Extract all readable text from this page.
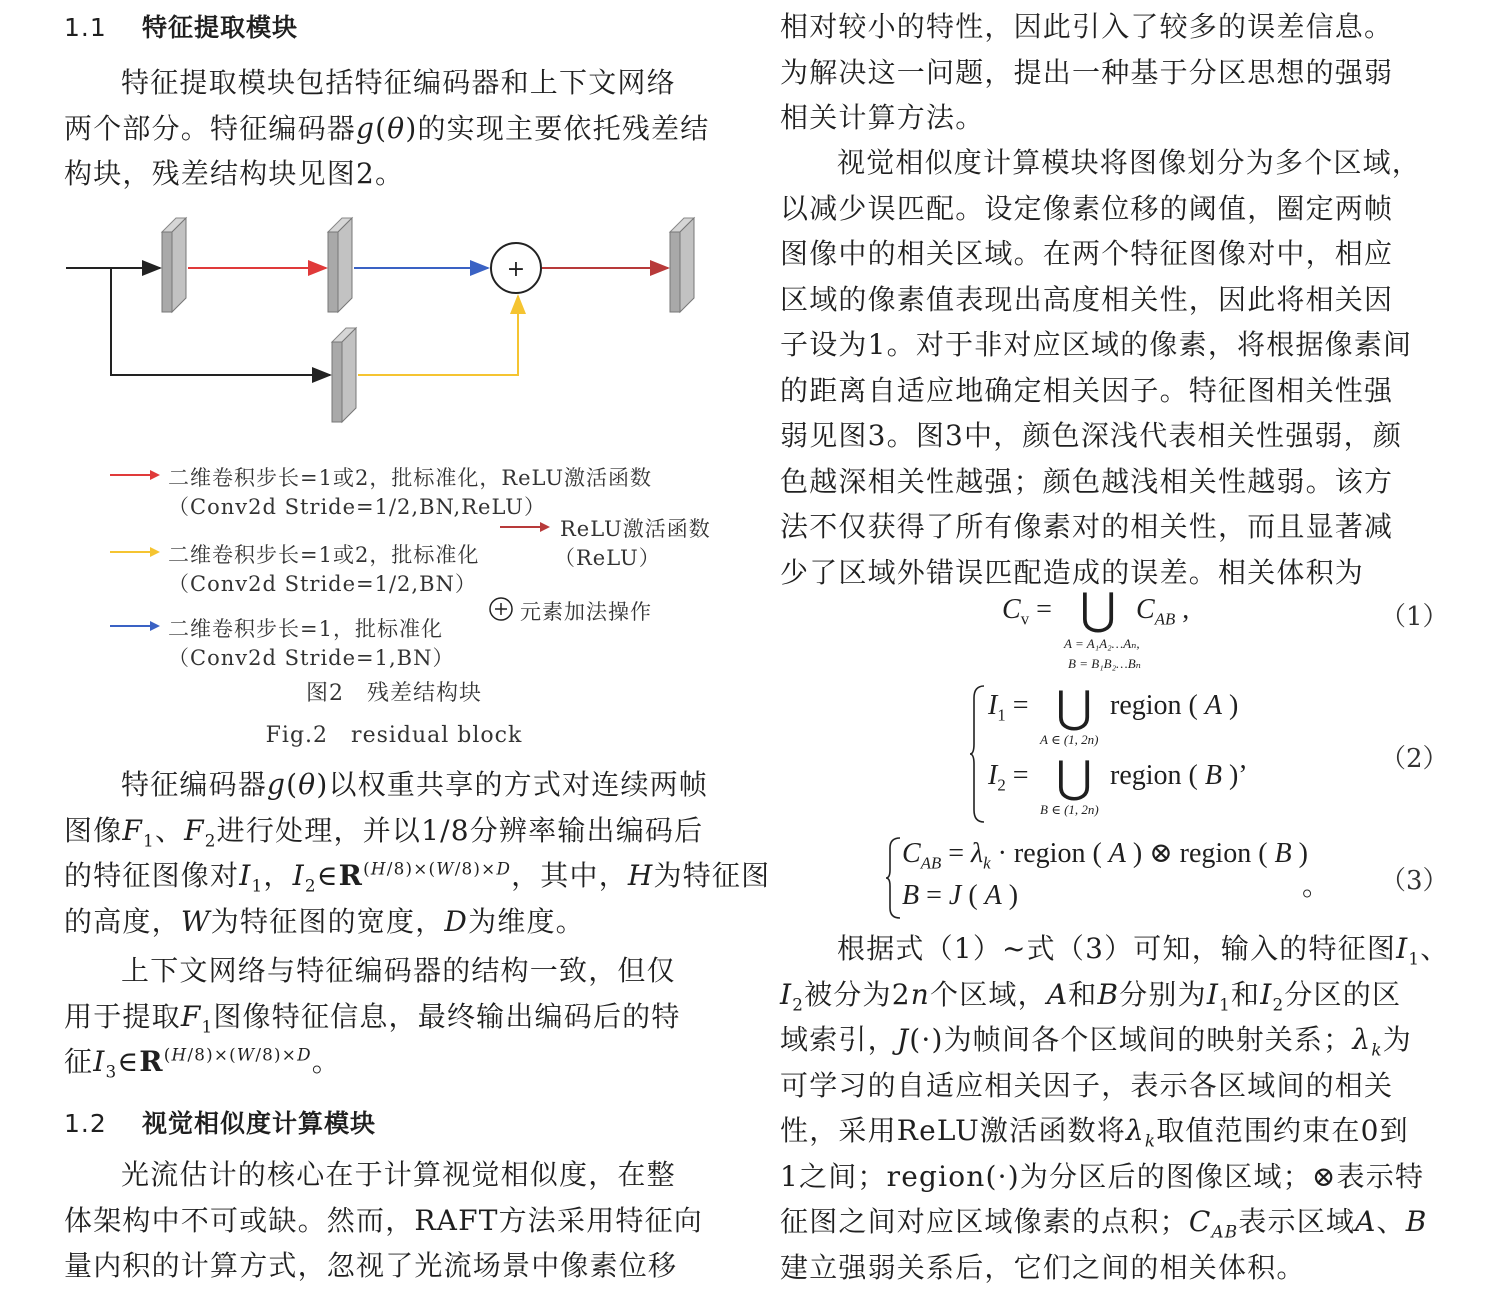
1.1 特征提取模块
特征提取模块包括特征编码器和上下文网络
两个部分。特征编码器g(θ)的实现主要依托残差结
构块，残差结构块见图2。
+
二维卷积步长=1或2，批标准化，ReLU激活函数
（Conv2d Stride=1/2,BN,ReLU）
ReLU激活函数
（ReLU）
二维卷积步长=1或2，批标准化
（Conv2d Stride=1/2,BN）
元素加法操作
二维卷积步长=1，批标准化
（Conv2d Stride=1,BN）
图2　残差结构块
Fig.2　residual block
特征编码器g(θ)以权重共享的方式对连续两帧
图像$F_1$、$F_2$进行处理，并以1/8分辨率输出编码后
的特征图像对$I_1$，$I_2\in R^{(H/8)\times(W/8)\times D}$，其中，H为特征图
的高度，W为特征图的宽度，D为维度。
上下文网络与特征编码器的结构一致，但仅
用于提取$F_1$图像特征信息，最终输出编码后的特
征$I_3\in R^{(H/8)\times(W/8)\times D}$。
1.2 视觉相似度计算模块
光流估计的核心在于计算视觉相似度，在整
体架构中不可或缺。然而，RAFT方法采用特征向
量内积的计算方式，忽视了光流场景中像素位移
相对较小的特性，因此引入了较多的误差信息。
为解决这一问题，提出一种基于分区思想的强弱
相关计算方法。
视觉相似度计算模块将图像划分为多个区域，
以减少误匹配。设定像素位移的阈值，圈定两帧
图像中的相关区域。在两个特征图像对中，相应
区域的像素值表现出高度相关性，因此将相关因
子设为1。对于非对应区域的像素，将根据像素间
的距离自适应地确定相关因子。特征图相关性强
弱见图3。图3中，颜色深浅代表相关性强弱，颜
色越深相关性越强；颜色越浅相关性越弱。该方
法不仅获得了所有像素对的相关性，而且显著减
少了区域外错误匹配造成的误差。相关体积为
$C_v$ = ⋃
A = A₁A₂…Aₙ,
B = B₁B₂…Bₙ
$C_{AB}$ ,	（1）
$I_1$ = ⋃
A ∈ (1, 2n)
region ( A )
$I_2$ = ⋃
B ∈ (1, 2n)
region ( B )’
（2）
$C_{AB} = \lambda_k$ · region ( A ) ⊗ region ( B )
B = J ( A )	。 （3）
根据式（1）~式（3）可知，输入的特征图$I_1$、
$I_2$被分为2n个区域，A和B分别为$I_1$和$I_2$分区的区
域索引，J(·)为帧间各个区域间的映射关系；$\lambda_k$为
可学习的自适应相关因子，表示各区域间的相关
性，采用ReLU激活函数将$\lambda_k$取值范围约束在0到
1之间；region(·)为分区后的图像区域；⊗表示特
征图之间对应区域像素的点积；$C_{AB}$表示区域A、B
建立强弱关系后，它们之间的相关体积。
